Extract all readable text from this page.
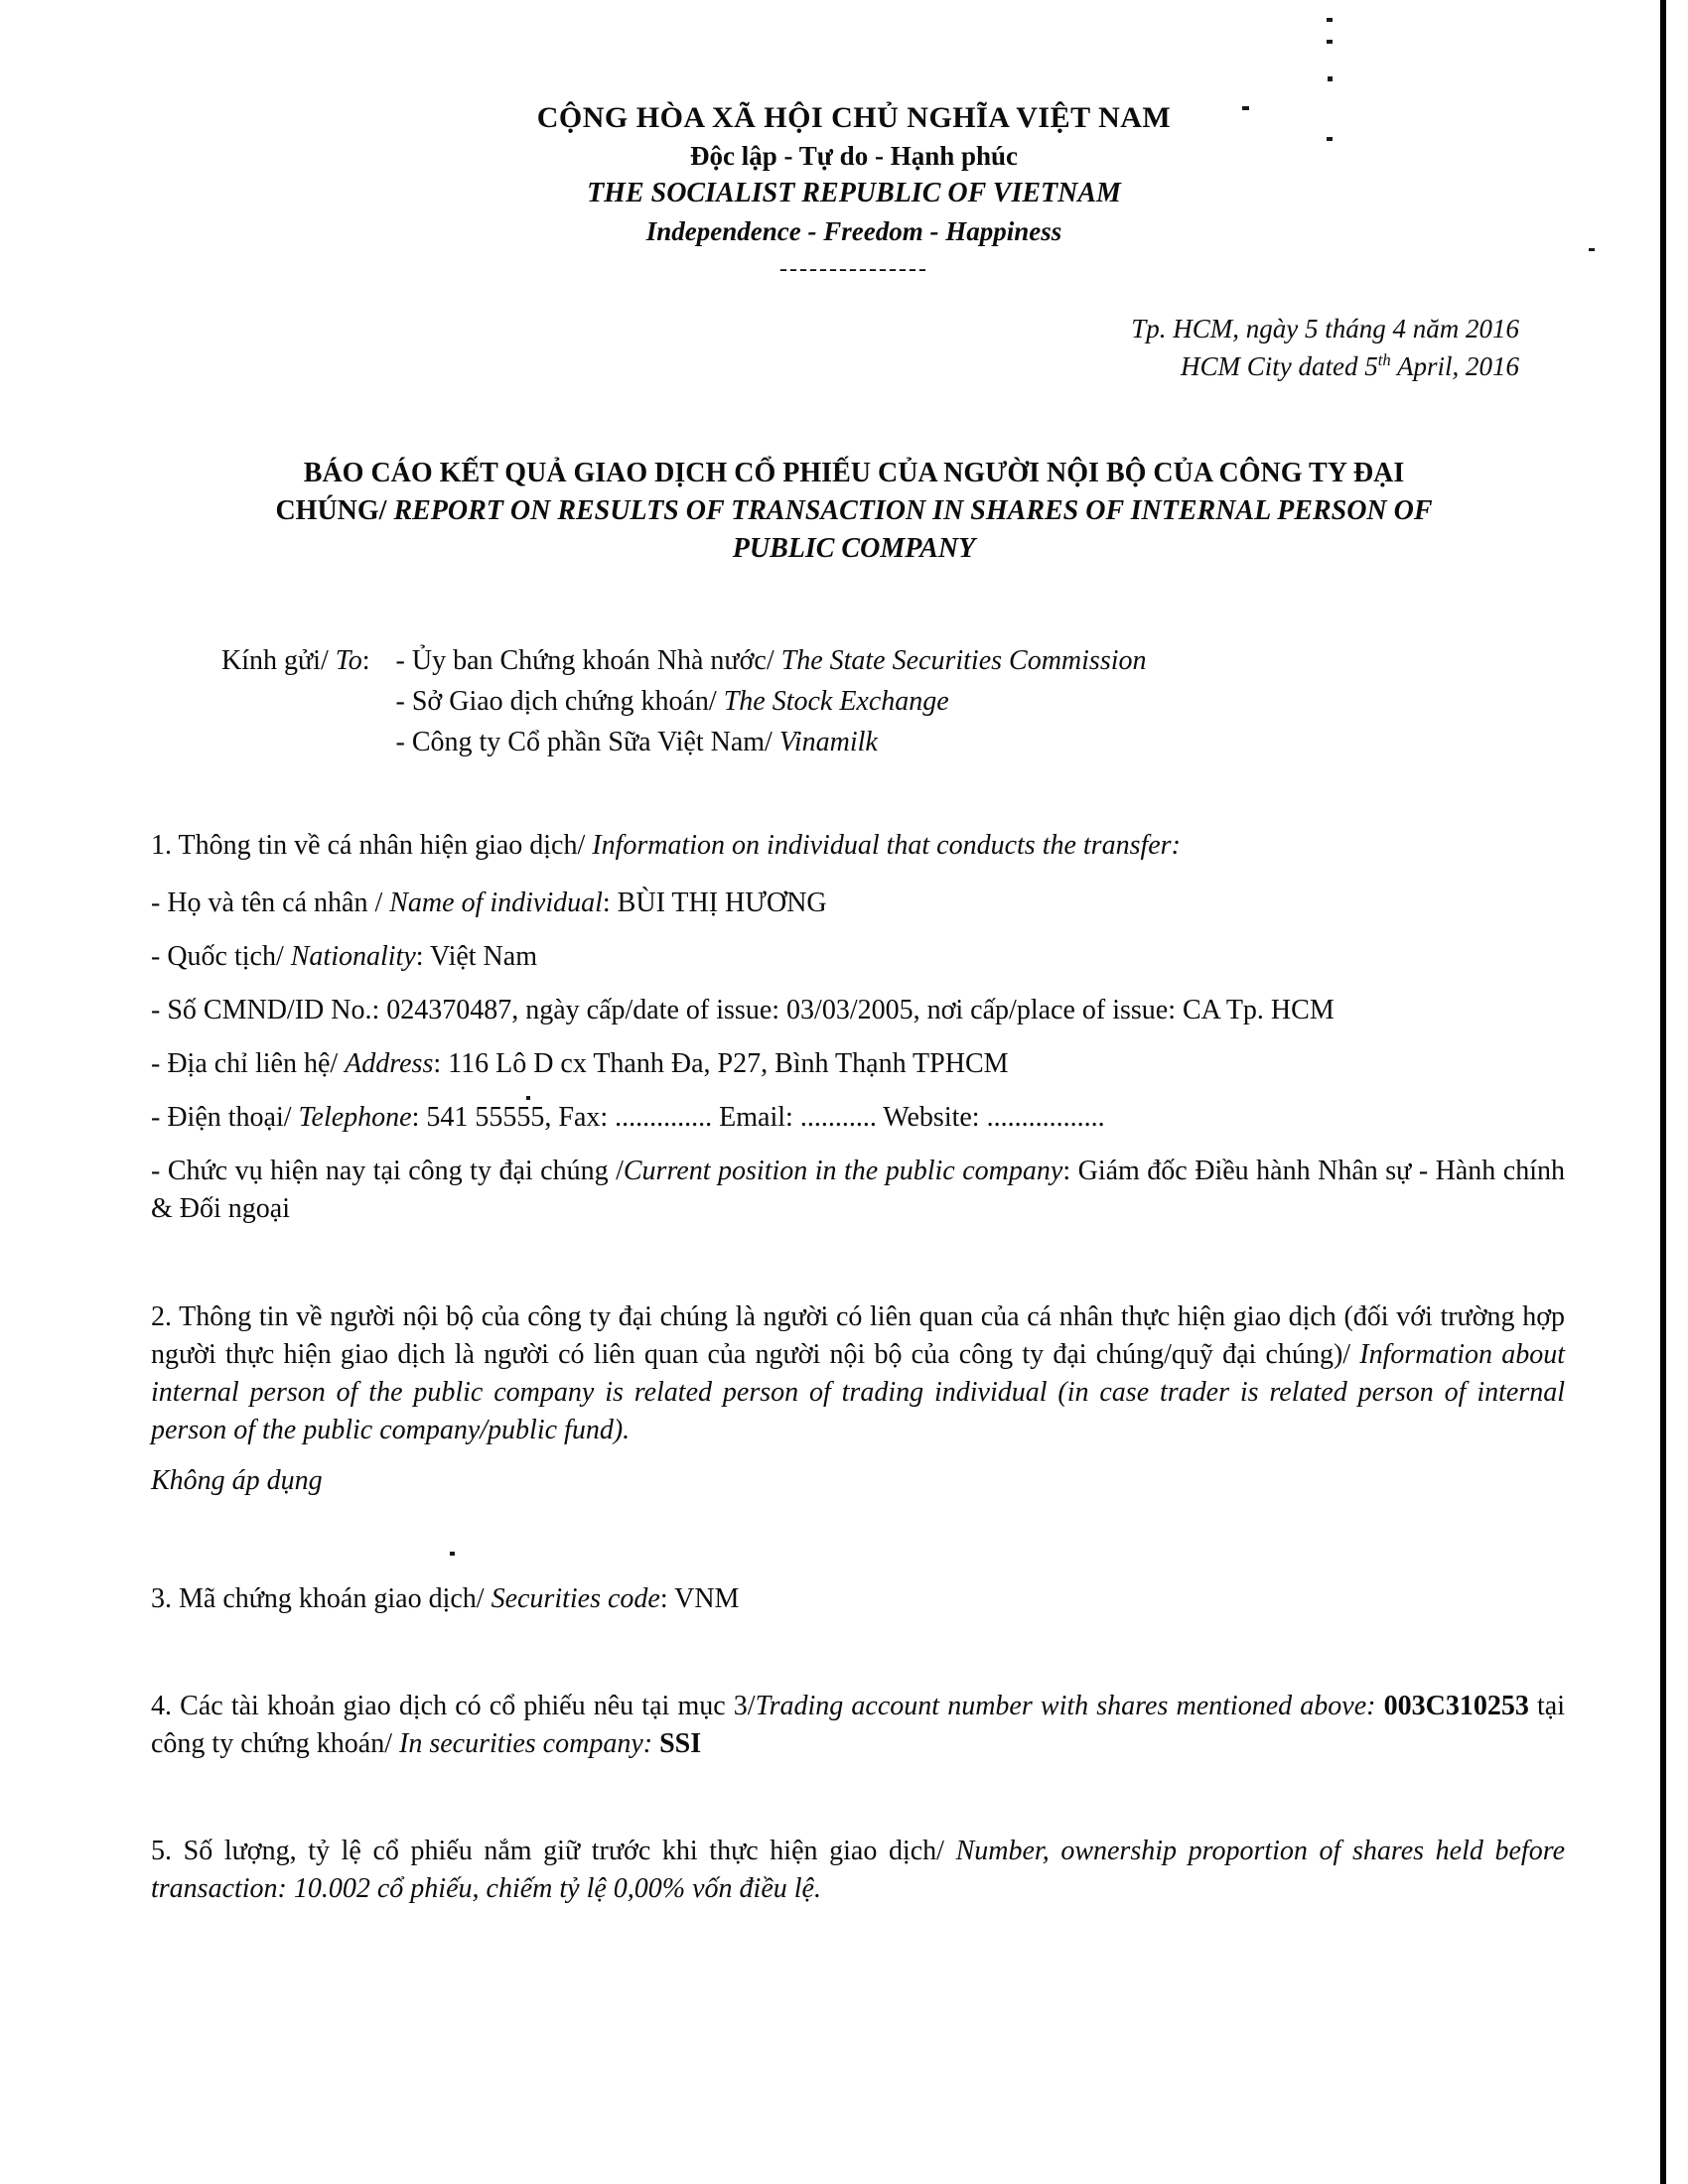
CỘNG HÒA XÃ HỘI CHỦ NGHĨA VIỆT NAM
Độc lập - Tự do - Hạnh phúc
THE SOCIALIST REPUBLIC OF VIETNAM
Independence - Freedom - Happiness
---------------
Tp. HCM, ngày 5 tháng 4 năm 2016
HCM City dated 5th April, 2016
BÁO CÁO KẾT QUẢ GIAO DỊCH CỔ PHIẾU CỦA NGƯỜI NỘI BỘ CỦA CÔNG TY ĐẠI
CHÚNG/ REPORT ON RESULTS OF TRANSACTION IN SHARES OF INTERNAL PERSON OF
PUBLIC COMPANY
Kính gửi/ To: - Ủy ban Chứng khoán Nhà nước/ The State Securities Commission
- Sở Giao dịch chứng khoán/ The Stock Exchange
- Công ty Cổ phần Sữa Việt Nam/ Vinamilk

1. Thông tin về cá nhân hiện giao dịch/ Information on individual that conducts the transfer:

- Họ và tên cá nhân / Name of individual: BÙI THỊ HƯƠNG

- Quốc tịch/ Nationality: Việt Nam

- Số CMND/ID No.: 024370487, ngày cấp/date of issue: 03/03/2005, nơi cấp/place of issue: CA Tp. HCM

- Địa chỉ liên hệ/ Address: 116 Lô D cx Thanh Đa, P27, Bình Thạnh TPHCM

- Điện thoại/ Telephone: 541 55555, Fax: .............. Email: ........... Website: .................

- Chức vụ hiện nay tại công ty đại chúng /Current position in the public company: Giám đốc Điều hành Nhân sự - Hành chính & Đối ngoại

2. Thông tin về người nội bộ của công ty đại chúng là người có liên quan của cá nhân thực hiện giao dịch (đối với trường hợp người thực hiện giao dịch là người có liên quan của người nội bộ của công ty đại chúng/quỹ đại chúng)/ Information about internal person of the public company is related person of trading individual (in case trader is related person of internal person of the public company/public fund).

Không áp dụng

3. Mã chứng khoán giao dịch/ Securities code: VNM

4. Các tài khoản giao dịch có cổ phiếu nêu tại mục 3/Trading account number with shares mentioned above: 003C310253 tại công ty chứng khoán/ In securities company: SSI

5. Số lượng, tỷ lệ cổ phiếu nắm giữ trước khi thực hiện giao dịch/ Number, ownership proportion of shares held before transaction: 10.002 cổ phiếu, chiếm tỷ lệ 0,00% vốn điều lệ.
